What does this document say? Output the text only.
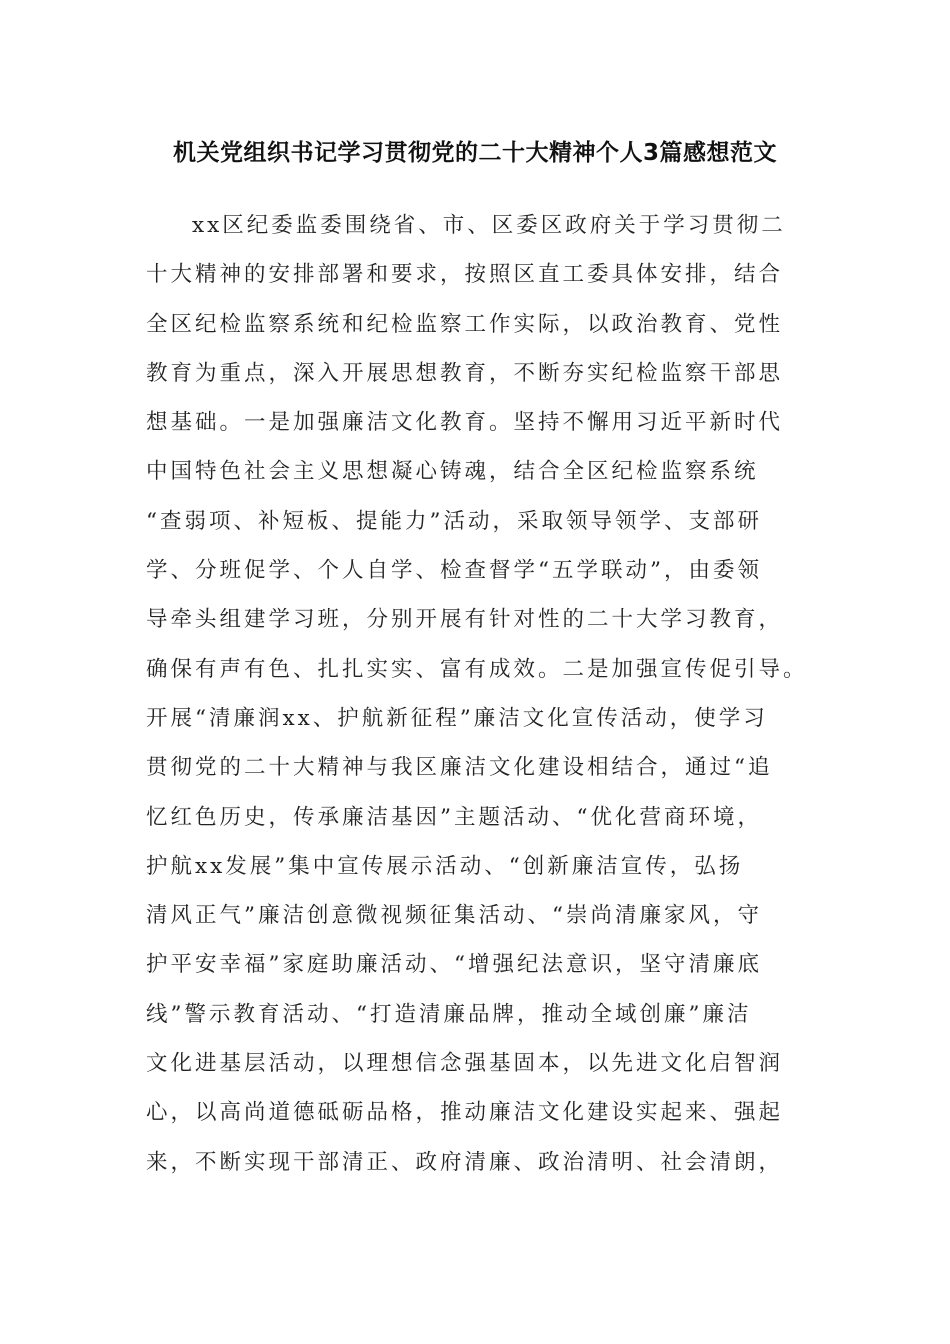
机关党组织书记学习贯彻党的二十大精神个人3篇感想范文
xx区纪委监委围绕省、市、区委区政府关于学习贯彻二
十大精神的安排部署和要求，按照区直工委具体安排，结合
全区纪检监察系统和纪检监察工作实际，以政治教育、党性
教育为重点，深入开展思想教育，不断夯实纪检监察干部思
想基础。一是加强廉洁文化教育。坚持不懈用习近平新时代
中国特色社会主义思想凝心铸魂，结合全区纪检监察系统
“查弱项、补短板、提能力”活动，采取领导领学、支部研
学、分班促学、个人自学、检查督学“五学联动”，由委领
导牵头组建学习班，分别开展有针对性的二十大学习教育，
确保有声有色、扎扎实实、富有成效。二是加强宣传促引导。
开展“清廉润xx、护航新征程”廉洁文化宣传活动，使学习
贯彻党的二十大精神与我区廉洁文化建设相结合，通过“追
忆红色历史，传承廉洁基因”主题活动、“优化营商环境，
护航xx发展”集中宣传展示活动、“创新廉洁宣传，弘扬
清风正气”廉洁创意微视频征集活动、“崇尚清廉家风，守
护平安幸福”家庭助廉活动、“增强纪法意识，坚守清廉底
线”警示教育活动、“打造清廉品牌，推动全域创廉”廉洁
文化进基层活动，以理想信念强基固本，以先进文化启智润
心，以高尚道德砥砺品格，推动廉洁文化建设实起来、强起
来，不断实现干部清正、政府清廉、政治清明、社会清朗，
